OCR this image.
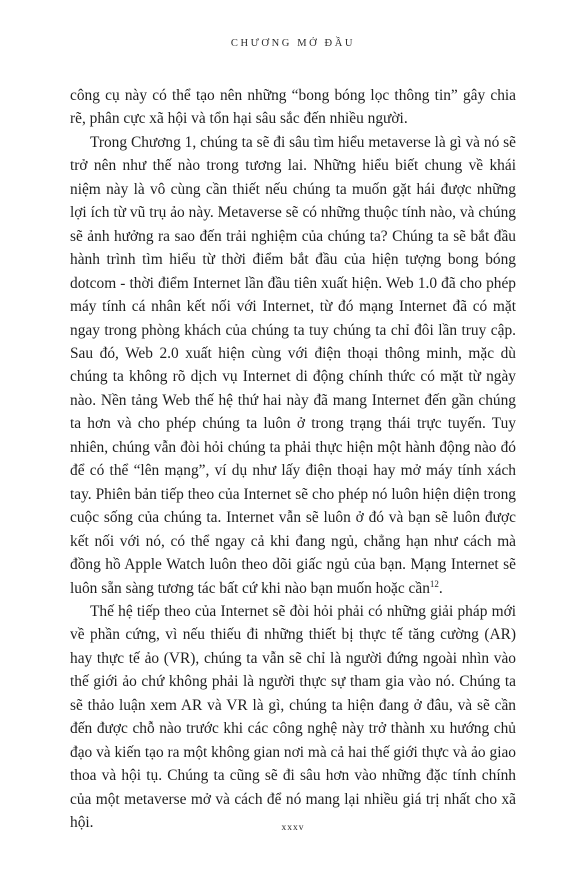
CHƯƠNG MỞ ĐẦU

công cụ này có thể tạo nên những “bong bóng lọc thông tin” gây chia rẽ, phân cực xã hội và tổn hại sâu sắc đến nhiều người.

Trong Chương 1, chúng ta sẽ đi sâu tìm hiểu metaverse là gì và nó sẽ trở nên như thế nào trong tương lai. Những hiểu biết chung về khái niệm này là vô cùng cần thiết nếu chúng ta muốn gặt hái được những lợi ích từ vũ trụ ảo này. Metaverse sẽ có những thuộc tính nào, và chúng sẽ ảnh hưởng ra sao đến trải nghiệm của chúng ta? Chúng ta sẽ bắt đầu hành trình tìm hiểu từ thời điểm bắt đầu của hiện tượng bong bóng dotcom - thời điểm Internet lần đầu tiên xuất hiện. Web 1.0 đã cho phép máy tính cá nhân kết nối với Internet, từ đó mạng Internet đã có mặt ngay trong phòng khách của chúng ta tuy chúng ta chỉ đôi lần truy cập. Sau đó, Web 2.0 xuất hiện cùng với điện thoại thông minh, mặc dù chúng ta không rõ dịch vụ Internet di động chính thức có mặt từ ngày nào. Nền tảng Web thế hệ thứ hai này đã mang Internet đến gần chúng ta hơn và cho phép chúng ta luôn ở trong trạng thái trực tuyến. Tuy nhiên, chúng vẫn đòi hỏi chúng ta phải thực hiện một hành động nào đó để có thể “lên mạng”, ví dụ như lấy điện thoại hay mở máy tính xách tay. Phiên bản tiếp theo của Internet sẽ cho phép nó luôn hiện diện trong cuộc sống của chúng ta. Internet vẫn sẽ luôn ở đó và bạn sẽ luôn được kết nối với nó, có thể ngay cả khi đang ngủ, chẳng hạn như cách mà đồng hồ Apple Watch luôn theo dõi giấc ngủ của bạn. Mạng Internet sẽ luôn sẵn sàng tương tác bất cứ khi nào bạn muốn hoặc cần$^{12}$.

Thế hệ tiếp theo của Internet sẽ đòi hỏi phải có những giải pháp mới về phần cứng, vì nếu thiếu đi những thiết bị thực tế tăng cường (AR) hay thực tế ảo (VR), chúng ta vẫn sẽ chỉ là người đứng ngoài nhìn vào thế giới ảo chứ không phải là người thực sự tham gia vào nó. Chúng ta sẽ thảo luận xem AR và VR là gì, chúng ta hiện đang ở đâu, và sẽ cần đến được chỗ nào trước khi các công nghệ này trở thành xu hướng chủ đạo và kiến tạo ra một không gian nơi mà cả hai thế giới thực và ảo giao thoa và hội tụ. Chúng ta cũng sẽ đi sâu hơn vào những đặc tính chính của một metaverse mở và cách để nó mang lại nhiều giá trị nhất cho xã hội.	xxxv
